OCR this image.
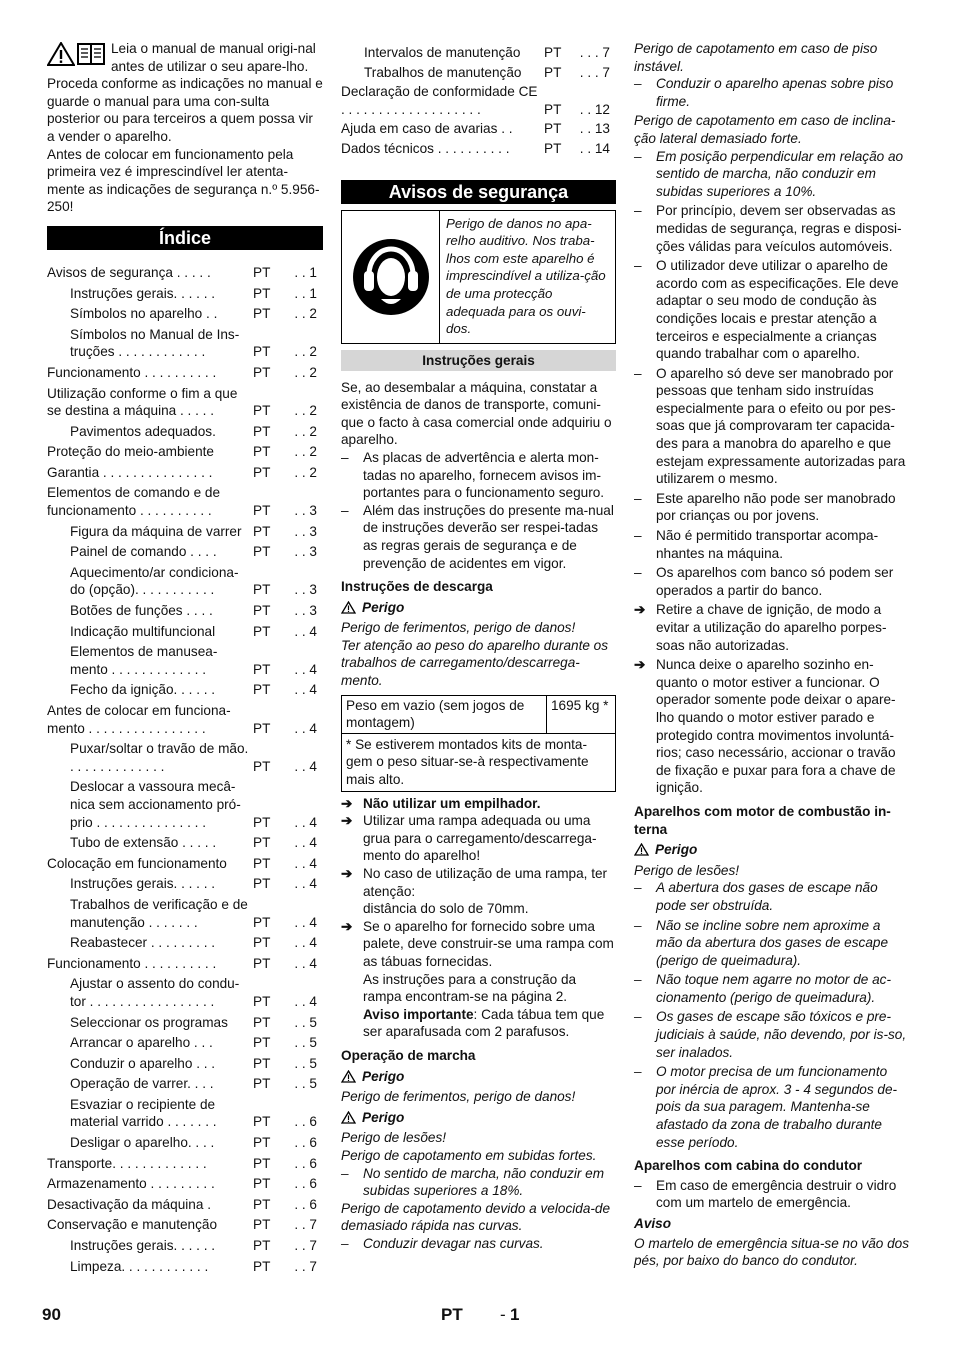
Leia o manual de manual origi-nal antes de utilizar o seu apare-lho. Proceda conforme as indicações no manual e guarde o manual para uma con-sulta posterior ou para terceiros a quem possa vir a vender o aparelho.

Antes de colocar em funcionamento pela primeira vez é imprescindível ler atenta-mente as indicações de segurança n.º 5.956-250!

Índice
Avisos de segurança . . . . .	PT	. . 1
Instruções gerais. . . . . .	PT	. . 1
Símbolos no aparelho . .	PT	. . 2
Símbolos no Manual de Ins-truções . . . . . . . . . . . .	PT	. . 2
Funcionamento . . . . . . . . . .	PT	. . 2
Utilização conforme o fim a que se destina a máquina . . . . .	PT	. . 2
Pavimentos adequados.	PT	. . 2
Proteção do meio-ambiente	PT	. . 2
Garantia . . . . . . . . . . . . . . .	PT	. . 2
Elementos de comando e de funcionamento . . . . . . . . . .	PT	. . 3
Figura da máquina de varrer PT	. . 3
Painel de comando . . . .	PT	. . 3
Aquecimento/ar condiciona-do (opção). . . . . . . . . . .	PT	. . 3
Botões de funções . . . .	PT	. . 3
Indicação multifuncional	PT	. . 4
Elementos de manusea-mento . . . . . . . . . . . . .	PT	. . 4
Fecho da ignição. . . . . .	PT	. . 4
Antes de colocar em funciona-mento . . . . . . . . . . . . . . . .	PT	. . 4
Puxar/soltar o travão de mão. . . . . . . . . . . . . .	PT	. . 4
Deslocar a vassoura mecâ-nica sem accionamento pró-prio . . . . . . . . . . . . . . .	PT	. . 4
Tubo de extensão . . . . .	PT	. . 4
Colocação em funcionamento	PT	. . 4
Instruções gerais. . . . . .	PT	. . 4
Trabalhos de verificação e de manutenção . . . . . . .	PT	. . 4
Reabastecer . . . . . . . . .	PT	. . 4
Funcionamento . . . . . . . . . .	PT	. . 4
Ajustar o assento do condu-tor . . . . . . . . . . . . . . . . .	PT	. . 4
Seleccionar os programas	PT	. . 5
Arrancar o aparelho . . .	PT	. . 5
Conduzir o aparelho . . .	PT	. . 5
Operação de varrer. . . .	PT	. . 5
Esvaziar o recipiente de material varrido . . . . . . .	PT	. . 6
Desligar o aparelho. . . .	PT	. . 6
Transporte. . . . . . . . . . . . .	PT	. . 6
Armazenamento . . . . . . . . .	PT	. . 6
Desactivação da máquina .	PT	. . 6
Conservação e manutenção	PT	. . 7
Instruções gerais. . . . . .	PT	. . 7
Limpeza. . . . . . . . . . . .	PT	. . 7
Intervalos de manutenção	PT	. . . 7
Trabalhos de manutenção	PT	. . . 7
Declaração de conformidade CE . . . . . . . . . . . . . . . . . . .	PT	. . 12
Ajuda em caso de avarias . .	PT	. . 13
Dados técnicos . . . . . . . . . .	PT	. . 14
Avisos de segurança

Perigo de danos no apa-relho auditivo. Nos traba-lhos com este aparelho é imprescindível a utiliza-ção de uma protecção adequada para os ouvi-dos.

Instruções gerais

Se, ao desembalar a máquina, constatar a existência de danos de transporte, comuni-que o facto à casa comercial onde adquiriu o aparelho.

–	As placas de advertência e alerta mon-tadas no aparelho, fornecem avisos im-portantes para o funcionamento seguro.
–	Além das instruções do presente ma-nual de instruções deverão ser respei-tadas as regras gerais de segurança e de prevenção de acidentes em vigor.
Instruções de descarga
Perigo

Perigo de ferimentos, perigo de danos!

Ter atenção ao peso do aparelho durante os trabalhos de carregamento/descarrega-mento.

Peso em vazio (sem jogos de montagem)
1695 kg *
* Se estiverem montados kits de monta-gem o peso situar-se-à respectivamente mais alto.
➔ Não utilizar um empilhador.
➔ Utilizar uma rampa adequada ou uma grua para o carregamento/descarrega-mento do aparelho!
➔ No caso de utilização de uma rampa, ter atenção:

distância do solo de 70mm.

➔ Se o aparelho for fornecido sobre uma palete, deve construir-se uma rampa com as tábuas fornecidas.

As instruções para a construção da rampa encontram-se na página 2.

Aviso importante: Cada tábua tem que ser aparafusada com 2 parafusos.

Operação de marcha
Perigo

Perigo de ferimentos, perigo de danos!

Perigo

Perigo de lesões!

Perigo de capotamento em subidas fortes.

–	No sentido de marcha, não conduzir em subidas superiores a 18%.

Perigo de capotamento devido a velocida-de demasiado rápida nas curvas.

–	Conduzir devagar nas curvas.

Perigo de capotamento em caso de piso instável.

–	Conduzir o aparelho apenas sobre piso firme.

Perigo de capotamento em caso de inclina-ção lateral demasiado forte.

–	Em posição perpendicular em relação ao sentido de marcha, não conduzir em subidas superiores a 10%.
–	Por princípio, devem ser observadas as medidas de segurança, regras e disposi-ções válidas para veículos automóveis.
–	O utilizador deve utilizar o aparelho de acordo com as especificações. Ele deve adaptar o seu modo de condução às condições locais e prestar atenção a terceiros e especialmente a crianças quando trabalhar com o aparelho.
–	O aparelho só deve ser manobrado por pessoas que tenham sido instruídas especialmente para o efeito ou por pes-soas que já comprovaram ter capacida-des para a manobra do aparelho e que estejam expressamente autorizadas para utilizarem o mesmo.
–	Este aparelho não pode ser manobrado por crianças ou por jovens.
–	Não é permitido transportar acompa-nhantes na máquina.
–	Os aparelhos com banco só podem ser operados a partir do banco.
➔ Retire a chave de ignição, de modo a evitar a utilização do aparelho porpes-soas não autorizadas.
➔ Nunca deixe o aparelho sozinho en-quanto o motor estiver a funcionar. O operador somente pode deixar o apare-lho quando o motor estiver parado e protegido contra movimentos involuntá-rios; caso necessário, accionar o travão de fixação e puxar para fora a chave de ignição.
Aparelhos com motor de combustão in-terna
Perigo

Perigo de lesões!

–	A abertura dos gases de escape não pode ser obstruída.
–	Não se incline sobre nem aproxime a mão da abertura dos gases de escape (perigo de queimadura).
–	Não toque nem agarre no motor de ac-cionamento (perigo de queimadura).
–	Os gases de escape são tóxicos e pre-judiciais à saúde, não devendo, por is-so, ser inalados.
–	O motor precisa de um funcionamento por inércia de aprox. 3 - 4 segundos de-pois da sua paragem. Mantenha-se afastado da zona de trabalho durante esse período.
Aparelhos com cabina do condutor
–	Em caso de emergência destruir o vidro com um martelo de emergência.

Aviso

O martelo de emergência situa-se no vão dos pés, por baixo do banco do condutor.

90	PT - 1
